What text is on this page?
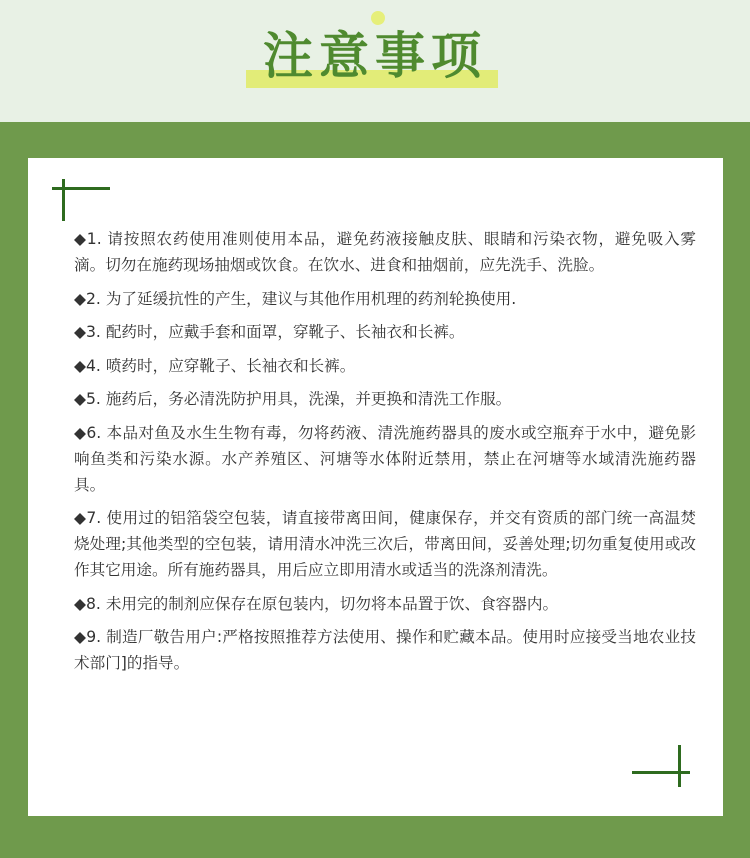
注意事项

◆1. 请按照农药使用准则使用本品，避免药液接触皮肤、眼睛和污染衣物，避免吸入雾滴。切勿在施药现场抽烟或饮食。在饮水、进食和抽烟前，应先洗手、洗脸。

◆2. 为了延缓抗性的产生，建议与其他作用机理的药剂轮换使用.

◆3. 配药时，应戴手套和面罩，穿靴子、长袖衣和长裤。

◆4. 喷药时，应穿靴子、长袖衣和长裤。

◆5. 施药后，务必清洗防护用具，洗澡，并更换和清洗工作服。

◆6. 本品对鱼及水生生物有毒，勿将药液、清洗施药器具的废水或空瓶弃于水中，避免影响鱼类和污染水源。水产养殖区、河塘等水体附近禁用，禁止在河塘等水域清洗施药器具。

◆7. 使用过的铝箔袋空包装，请直接带离田间，健康保存，并交有资质的部门统一高温焚烧处理;其他类型的空包装，请用清水冲洗三次后，带离田间，妥善处理;切勿重复使用或改作其它用途。所有施药器具，用后应立即用清水或适当的洗涤剂清洗。

◆8. 未用完的制剂应保存在原包装内，切勿将本品置于饮、食容器内。

◆9. 制造厂敬告用户:严格按照推荐方法使用、操作和贮藏本品。使用时应接受当地农业技术部门]的指导。
